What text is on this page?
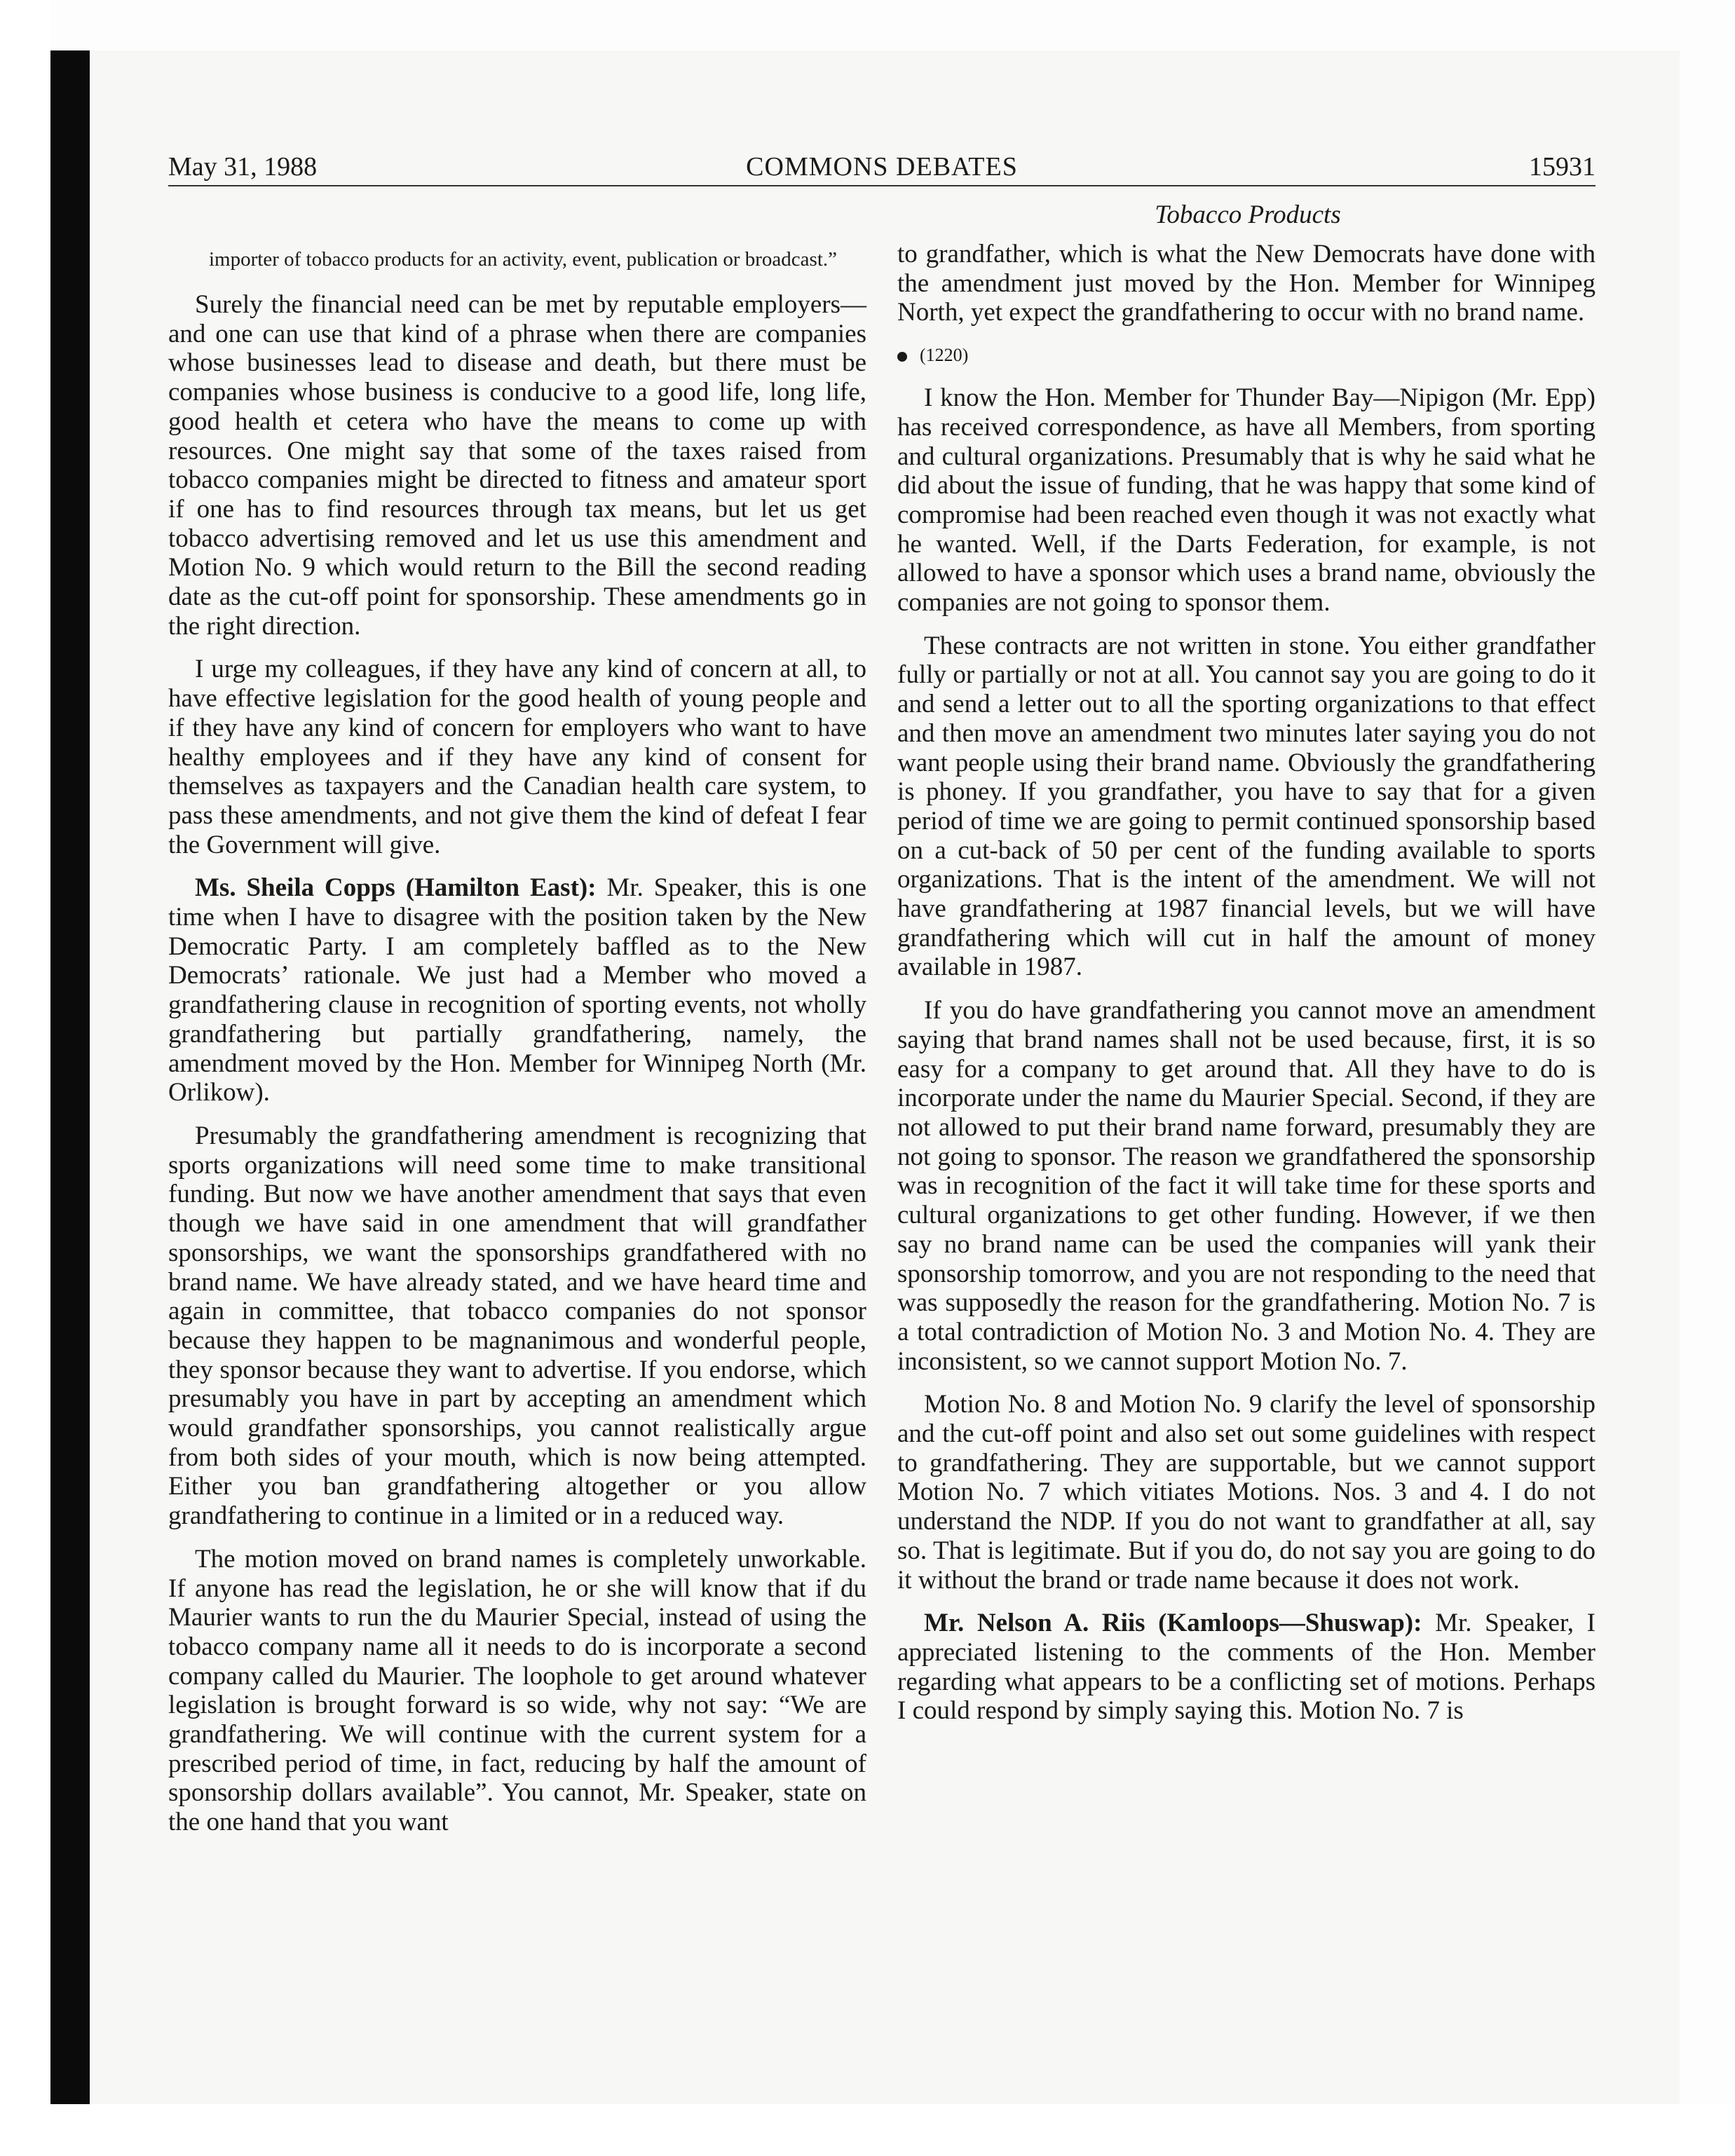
May 31, 1988	COMMONS DEBATES	15931
Tobacco Products

importer of tobacco products for an activity, event, publication or broadcast.”

Surely the financial need can be met by reputable employers—and one can use that kind of a phrase when there are companies whose businesses lead to disease and death, but there must be companies whose business is conducive to a good life, long life, good health et cetera who have the means to come up with resources. One might say that some of the taxes raised from tobacco companies might be directed to fitness and amateur sport if one has to find resources through tax means, but let us get tobacco advertising removed and let us use this amendment and Motion No. 9 which would return to the Bill the second reading date as the cut-off point for sponsorship. These amendments go in the right direction.

I urge my colleagues, if they have any kind of concern at all, to have effective legislation for the good health of young people and if they have any kind of concern for employers who want to have healthy employees and if they have any kind of consent for themselves as taxpayers and the Canadian health care system, to pass these amendments, and not give them the kind of defeat I fear the Government will give.

Ms. Sheila Copps (Hamilton East): Mr. Speaker, this is one time when I have to disagree with the position taken by the New Democratic Party. I am completely baffled as to the New Democrats’ rationale. We just had a Member who moved a grandfathering clause in recognition of sporting events, not wholly grandfathering but partially grandfathering, namely, the amendment moved by the Hon. Member for Winnipeg North (Mr. Orlikow).

Presumably the grandfathering amendment is recognizing that sports organizations will need some time to make transitional funding. But now we have another amendment that says that even though we have said in one amendment that will grandfather sponsorships, we want the sponsorships grandfathered with no brand name. We have already stated, and we have heard time and again in committee, that tobacco companies do not sponsor because they happen to be magnanimous and wonderful people, they sponsor because they want to advertise. If you endorse, which presumably you have in part by accepting an amendment which would grandfather sponsorships, you cannot realistically argue from both sides of your mouth, which is now being attempted. Either you ban grandfathering altogether or you allow grandfathering to continue in a limited or in a reduced way.

The motion moved on brand names is completely unworkable. If anyone has read the legislation, he or she will know that if du Maurier wants to run the du Maurier Special, instead of using the tobacco company name all it needs to do is incorporate a second company called du Maurier. The loophole to get around whatever legislation is brought forward is so wide, why not say: “We are grandfathering. We will continue with the current system for a prescribed period of time, in fact, reducing by half the amount of sponsorship dollars available”. You cannot, Mr. Speaker, state on the one hand that you want

to grandfather, which is what the New Democrats have done with the amendment just moved by the Hon. Member for Winnipeg North, yet expect the grandfathering to occur with no brand name.

(1220)

I know the Hon. Member for Thunder Bay—Nipigon (Mr. Epp) has received correspondence, as have all Members, from sporting and cultural organizations. Presumably that is why he said what he did about the issue of funding, that he was happy that some kind of compromise had been reached even though it was not exactly what he wanted. Well, if the Darts Federation, for example, is not allowed to have a sponsor which uses a brand name, obviously the companies are not going to sponsor them.

These contracts are not written in stone. You either grandfather fully or partially or not at all. You cannot say you are going to do it and send a letter out to all the sporting organizations to that effect and then move an amendment two minutes later saying you do not want people using their brand name. Obviously the grandfathering is phoney. If you grandfather, you have to say that for a given period of time we are going to permit continued sponsorship based on a cut-back of 50 per cent of the funding available to sports organizations. That is the intent of the amendment. We will not have grandfathering at 1987 financial levels, but we will have grandfathering which will cut in half the amount of money available in 1987.

If you do have grandfathering you cannot move an amendment saying that brand names shall not be used because, first, it is so easy for a company to get around that. All they have to do is incorporate under the name du Maurier Special. Second, if they are not allowed to put their brand name forward, presumably they are not going to sponsor. The reason we grandfathered the sponsorship was in recognition of the fact it will take time for these sports and cultural organizations to get other funding. However, if we then say no brand name can be used the companies will yank their sponsorship tomorrow, and you are not responding to the need that was supposedly the reason for the grandfathering. Motion No. 7 is a total contradiction of Motion No. 3 and Motion No. 4. They are inconsistent, so we cannot support Motion No. 7.

Motion No. 8 and Motion No. 9 clarify the level of sponsorship and the cut-off point and also set out some guidelines with respect to grandfathering. They are supportable, but we cannot support Motion No. 7 which vitiates Motions. Nos. 3 and 4. I do not understand the NDP. If you do not want to grandfather at all, say so. That is legitimate. But if you do, do not say you are going to do it without the brand or trade name because it does not work.

Mr. Nelson A. Riis (Kamloops—Shuswap): Mr. Speaker, I appreciated listening to the comments of the Hon. Member regarding what appears to be a conflicting set of motions. Perhaps I could respond by simply saying this. Motion No. 7 is
